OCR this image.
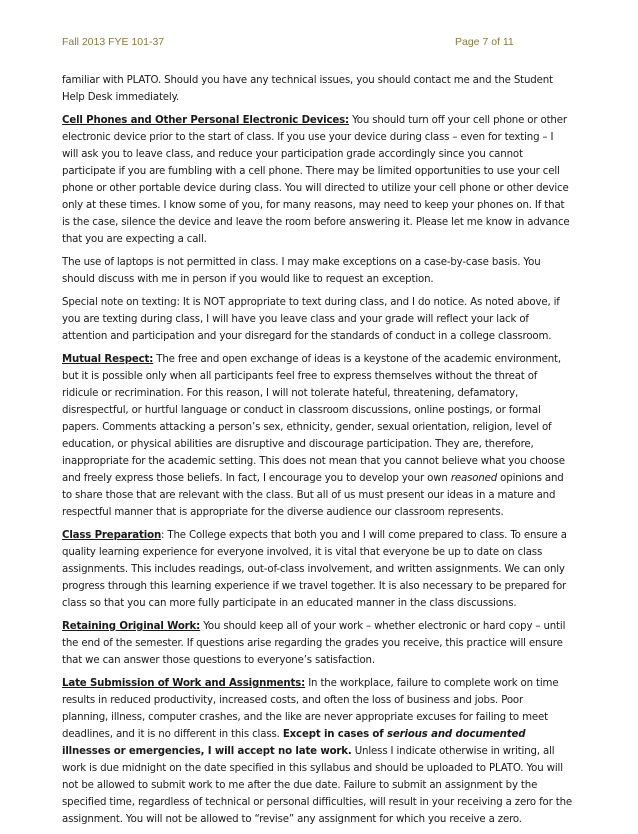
Fall 2013 FYE 101-37	Page 7 of 11

familiar with PLATO. Should you have any technical issues, you should contact me and the Student Help Desk immediately.

Cell Phones and Other Personal Electronic Devices: You should turn off your cell phone or other electronic device prior to the start of class. If you use your device during class – even for texting – I will ask you to leave class, and reduce your participation grade accordingly since you cannot participate if you are fumbling with a cell phone. There may be limited opportunities to use your cell phone or other portable device during class. You will directed to utilize your cell phone or other device only at these times. I know some of you, for many reasons, may need to keep your phones on. If that is the case, silence the device and leave the room before answering it. Please let me know in advance that you are expecting a call.

The use of laptops is not permitted in class. I may make exceptions on a case-by-case basis. You should discuss with me in person if you would like to request an exception.

Special note on texting: It is NOT appropriate to text during class, and I do notice. As noted above, if you are texting during class, I will have you leave class and your grade will reflect your lack of attention and participation and your disregard for the standards of conduct in a college classroom.

Mutual Respect: The free and open exchange of ideas is a keystone of the academic environment, but it is possible only when all participants feel free to express themselves without the threat of ridicule or recrimination. For this reason, I will not tolerate hateful, threatening, defamatory, disrespectful, or hurtful language or conduct in classroom discussions, online postings, or formal papers. Comments attacking a person’s sex, ethnicity, gender, sexual orientation, religion, level of education, or physical abilities are disruptive and discourage participation. They are, therefore, inappropriate for the academic setting. This does not mean that you cannot believe what you choose and freely express those beliefs. In fact, I encourage you to develop your own reasoned opinions and to share those that are relevant with the class. But all of us must present our ideas in a mature and respectful manner that is appropriate for the diverse audience our classroom represents.

Class Preparation: The College expects that both you and I will come prepared to class. To ensure a quality learning experience for everyone involved, it is vital that everyone be up to date on class assignments. This includes readings, out-of-class involvement, and written assignments. We can only progress through this learning experience if we travel together. It is also necessary to be prepared for class so that you can more fully participate in an educated manner in the class discussions.

Retaining Original Work: You should keep all of your work – whether electronic or hard copy – until the end of the semester. If questions arise regarding the grades you receive, this practice will ensure that we can answer those questions to everyone’s satisfaction.

Late Submission of Work and Assignments: In the workplace, failure to complete work on time results in reduced productivity, increased costs, and often the loss of business and jobs. Poor planning, illness, computer crashes, and the like are never appropriate excuses for failing to meet deadlines, and it is no different in this class. Except in cases of serious and documented illnesses or emergencies, I will accept no late work. Unless I indicate otherwise in writing, all work is due midnight on the date specified in this syllabus and should be uploaded to PLATO. You will not be allowed to submit work to me after the due date. Failure to submit an assignment by the specified time, regardless of technical or personal difficulties, will result in your receiving a zero for the assignment. You will not be allowed to “revise” any assignment for which you receive a zero.
